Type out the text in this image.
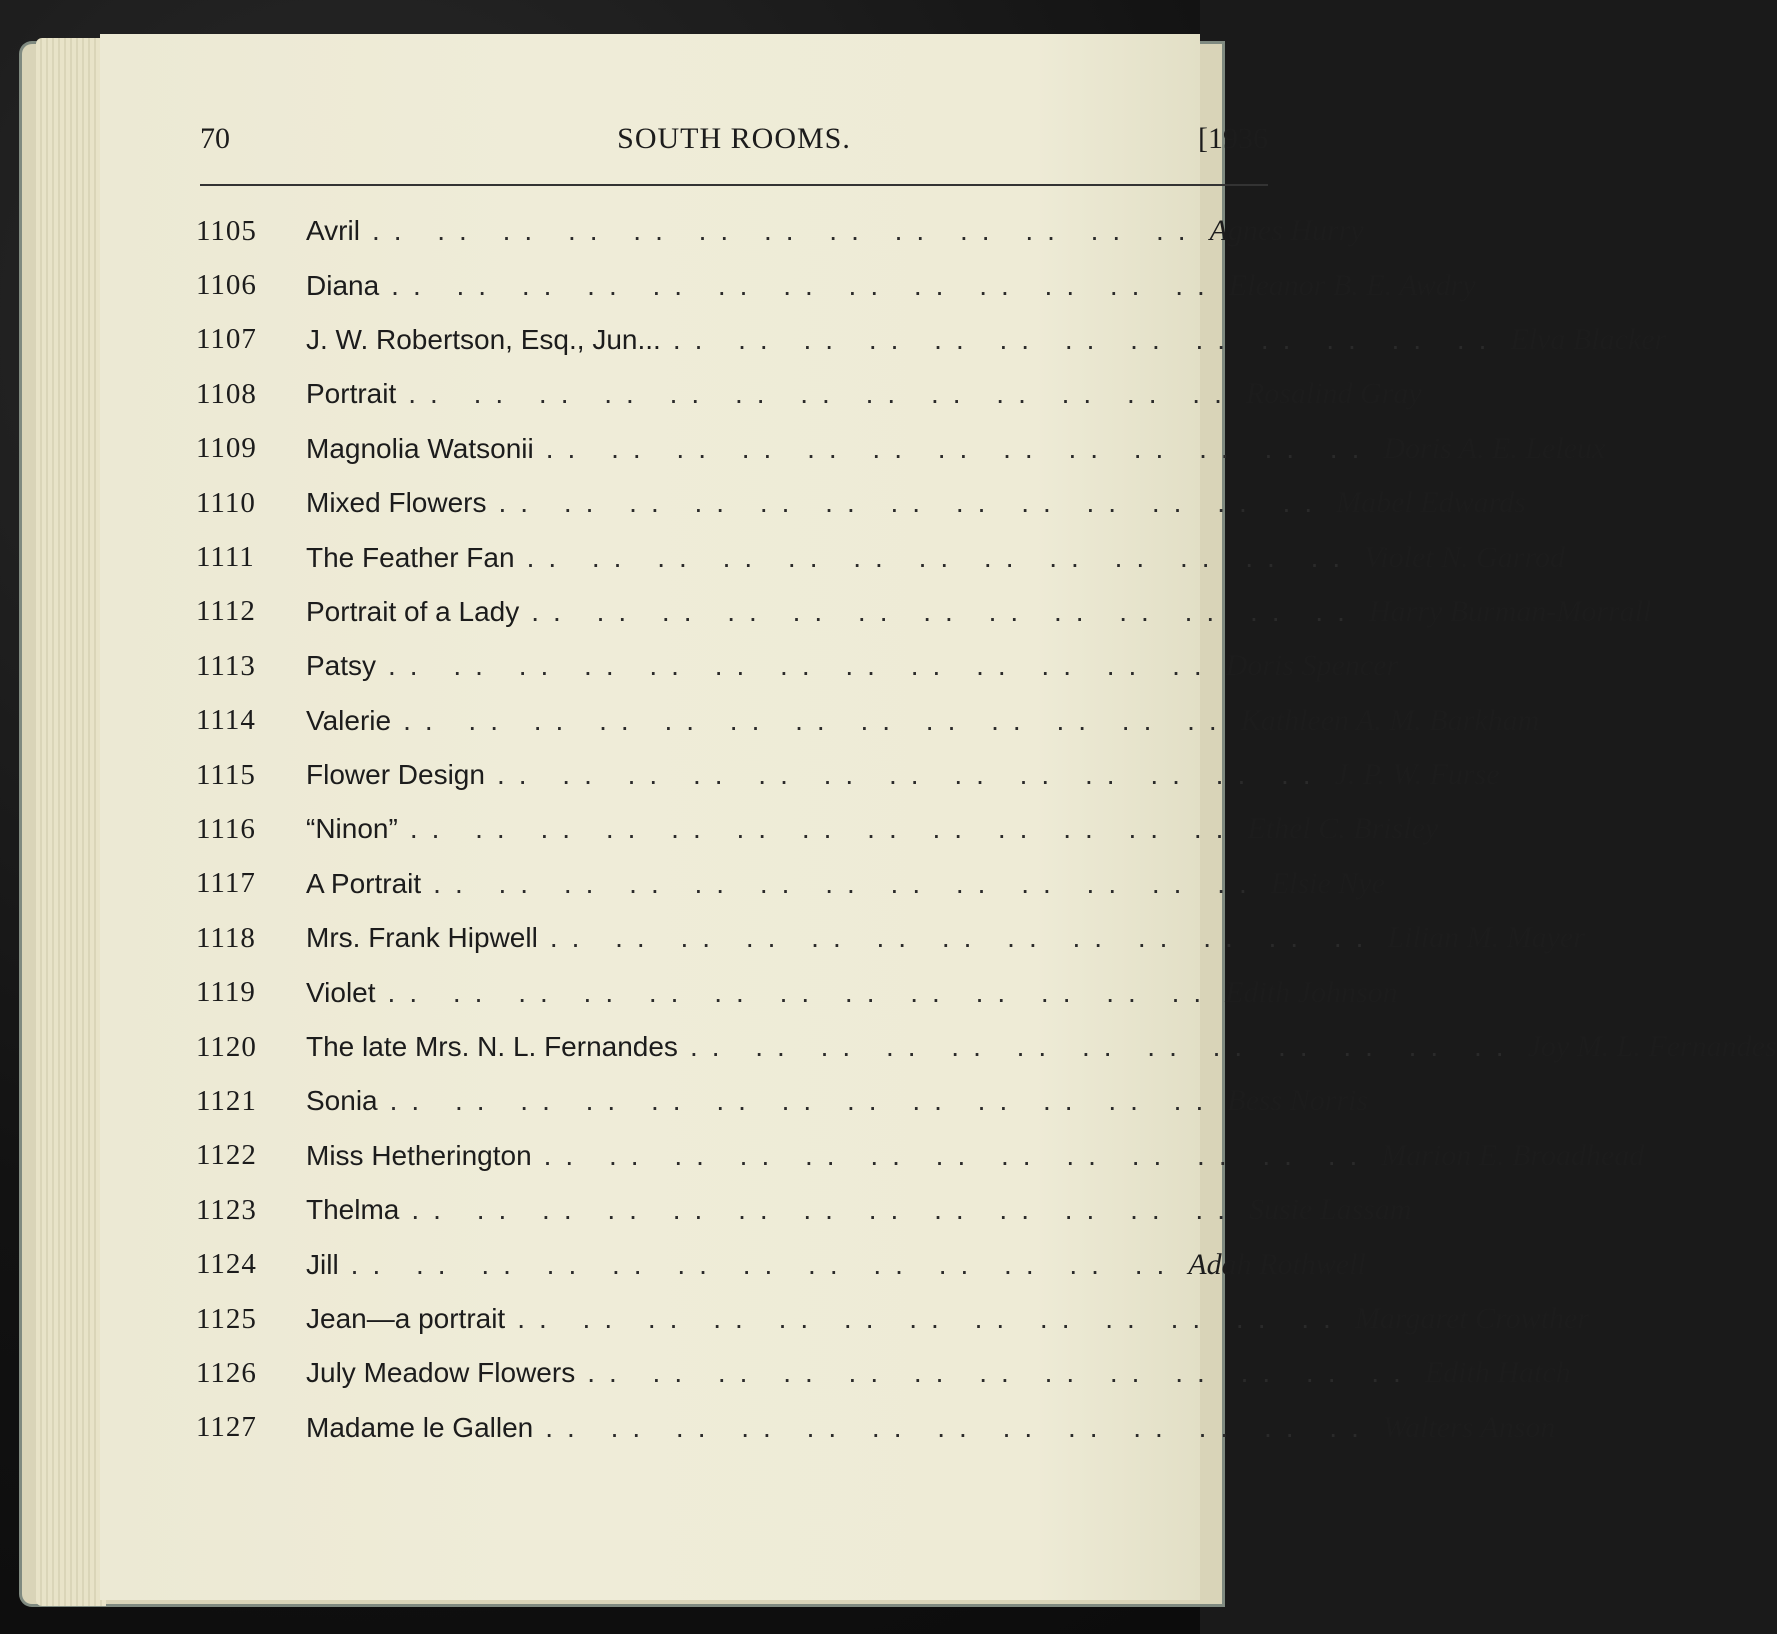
70	SOUTH ROOMS.	[1936
1105	Avril .. .. .. .. .. .. .. .. .. .. .. .. .. Agnes Hurry
1106	Diana .. .. .. .. .. .. .. .. .. .. .. .. .. Eleanor B. E. Awdry
1107	J. W. Robertson, Esq., Jun... .. .. .. .. .. .. .. .. .. .. .. .. .. Elva Blacker
1108	Portrait .. .. .. .. .. .. .. .. .. .. .. .. .. Rosalind Gray
1109	Magnolia Watsonii .. .. .. .. .. .. .. .. .. .. .. .. .. Doris A. E. Leleux
1110	Mixed Flowers .. .. .. .. .. .. .. .. .. .. .. .. .. Mabel Edwards
1111	The Feather Fan .. .. .. .. .. .. .. .. .. .. .. .. .. Violet N. Garrod
1112	Portrait of a Lady .. .. .. .. .. .. .. .. .. .. .. .. .. Harry Burman-Morrall
1113	Patsy .. .. .. .. .. .. .. .. .. .. .. .. .. Doris Spencer
1114	Valerie .. .. .. .. .. .. .. .. .. .. .. .. .. Kathleen A. M. Barkham
1115	Flower Design .. .. .. .. .. .. .. .. .. .. .. .. .. J. P. W. Furse
1116	“Ninon” .. .. .. .. .. .. .. .. .. .. .. .. .. Ethel C. Brisley
1117	A Portrait .. .. .. .. .. .. .. .. .. .. .. .. .. Elsie Nye
1118	Mrs. Frank Hipwell .. .. .. .. .. .. .. .. .. .. .. .. .. Lilian M. Mayer
1119	Violet .. .. .. .. .. .. .. .. .. .. .. .. .. Edith Johnson
1120	The late Mrs. N. L. Fernandes .. .. .. .. .. .. .. .. .. .. .. .. .. Joy M. L. Fernandes
1121	Sonia .. .. .. .. .. .. .. .. .. .. .. .. .. Bess Norris
1122	Miss Hetherington .. .. .. .. .. .. .. .. .. .. .. .. .. Marion E. Broadhead
1123	Thelma .. .. .. .. .. .. .. .. .. .. .. .. .. Susie Lassam
1124	Jill .. .. .. .. .. .. .. .. .. .. .. .. .. Adah Rothwell
1125	Jean—a portrait .. .. .. .. .. .. .. .. .. .. .. .. .. Margaret Crowther
1126	July Meadow Flowers .. .. .. .. .. .. .. .. .. .. .. .. .. Edith Hatch
1127	Madame le Gallen .. .. .. .. .. .. .. .. .. .. .. .. .. Walters Anson
